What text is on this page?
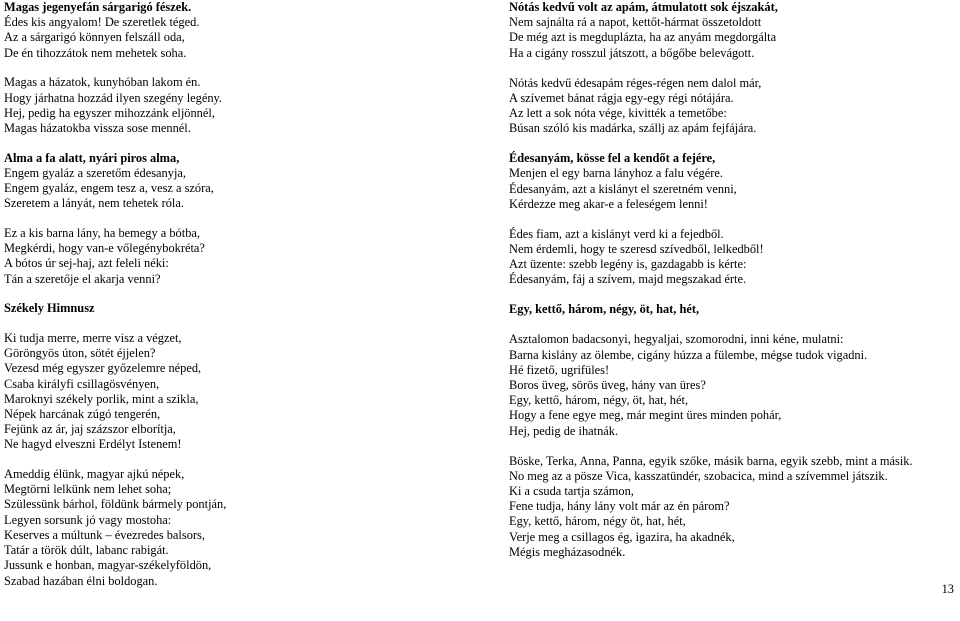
Magas jegenyefán sárgarigó fészek.
Édes kis angyalom! De szeretlek téged.
Az a sárgarigó könnyen felszáll oda,
De én tihozzátok nem mehetek soha.
Magas a házatok, kunyhóban lakom én.
Hogy járhatna hozzád ilyen szegény legény.
Hej, pedig ha egyszer mihozzánk eljönnél,
Magas házatokba vissza sose mennél.
Alma a fa alatt, nyári piros alma,
Engem gyaláz a szeretőm édesanyja,
Engem gyaláz, engem tesz a, vesz a szóra,
Szeretem a lányát, nem tehetek róla.
Ez a kis barna lány, ha bemegy a bótba,
Megkérdi, hogy van-e vőlegénybokréta?
A bótos úr sej-haj, azt feleli néki:
Tán a szeretője el akarja venni?
Székely Himnusz
Ki tudja merre, merre visz a végzet,
Göröngyös úton, sötét éjjelen?
Vezesd még egyszer győzelemre néped,
Csaba királyfi csillagösvényen,
Maroknyi székely porlik, mint a szikla,
Népek harcának zúgó tengerén,
Fejünk az ár, jaj százszor elborítja,
Ne hagyd elveszni Erdélyt Istenem!
Ameddig élünk, magyar ajkú népek,
Megtörni lelkünk nem lehet soha;
Szülessünk bárhol, földünk bármely pontján,
Legyen sorsunk jó vagy mostoha:
Keserves a múltunk – évezredes balsors,
Tatár a török dúlt, labanc rabigát.
Jussunk e honban, magyar-székelyföldön,
Szabad hazában élni boldogan.
Nótás kedvű volt az apám, átmulatott sok éjszakát,
Nem sajnálta rá a napot, kettőt-hármat összetoldott
De még azt is megduplázta, ha az anyám megdorgálta
Ha a cigány rosszul játszott, a bőgőbe belevágott.
Nótás kedvű édesapám réges-régen nem dalol már,
A szívemet bánat rágja egy-egy régi nótájára.
Az lett a sok nóta vége, kivitték a temetőbe:
Búsan szóló kis madárka, szállj az apám fejfájára.
Édesanyám, kösse fel a kendőt a fejére,
Menjen el egy barna lányhoz a falu végére.
Édesanyám, azt a kislányt el szeretném venni,
Kérdezze meg akar-e a feleségem lenni!
Édes fiam, azt a kislányt verd ki a fejedből.
Nem érdemli, hogy te szeresd szívedből, lelkedből!
Azt üzente: szebb legény is, gazdagabb is kérte:
Édesanyám, fáj a szívem, majd megszakad érte.
Egy, kettő, három, négy, öt, hat, hét,
Asztalomon badacsonyi, hegyaljai, szomorodni, inni kéne, mulatni:
Barna kislány az ölembe, cigány húzza a fülembe, mégse tudok vigadni.
Hé fizető, ugrifüles!
Boros üveg, sörös üveg, hány van üres?
Egy, kettő, három, négy, öt, hat, hét,
Hogy a fene egye meg, már megint üres minden pohár,
Hej, pedig de ihatnák.
Böske, Terka, Anna, Panna, egyik szőke, másik barna, egyik szebb, mint a másik.
No meg az a pösze Vica, kasszatündér, szobacica, mind a szívemmel játszik.
Ki a csuda tartja számon,
Fene tudja, hány lány volt már az én párom?
Egy, kettő, három, négy öt, hat, hét,
Verje meg a csillagos ég, igazira, ha akadnék,
Mégis megházasodnék.
13
